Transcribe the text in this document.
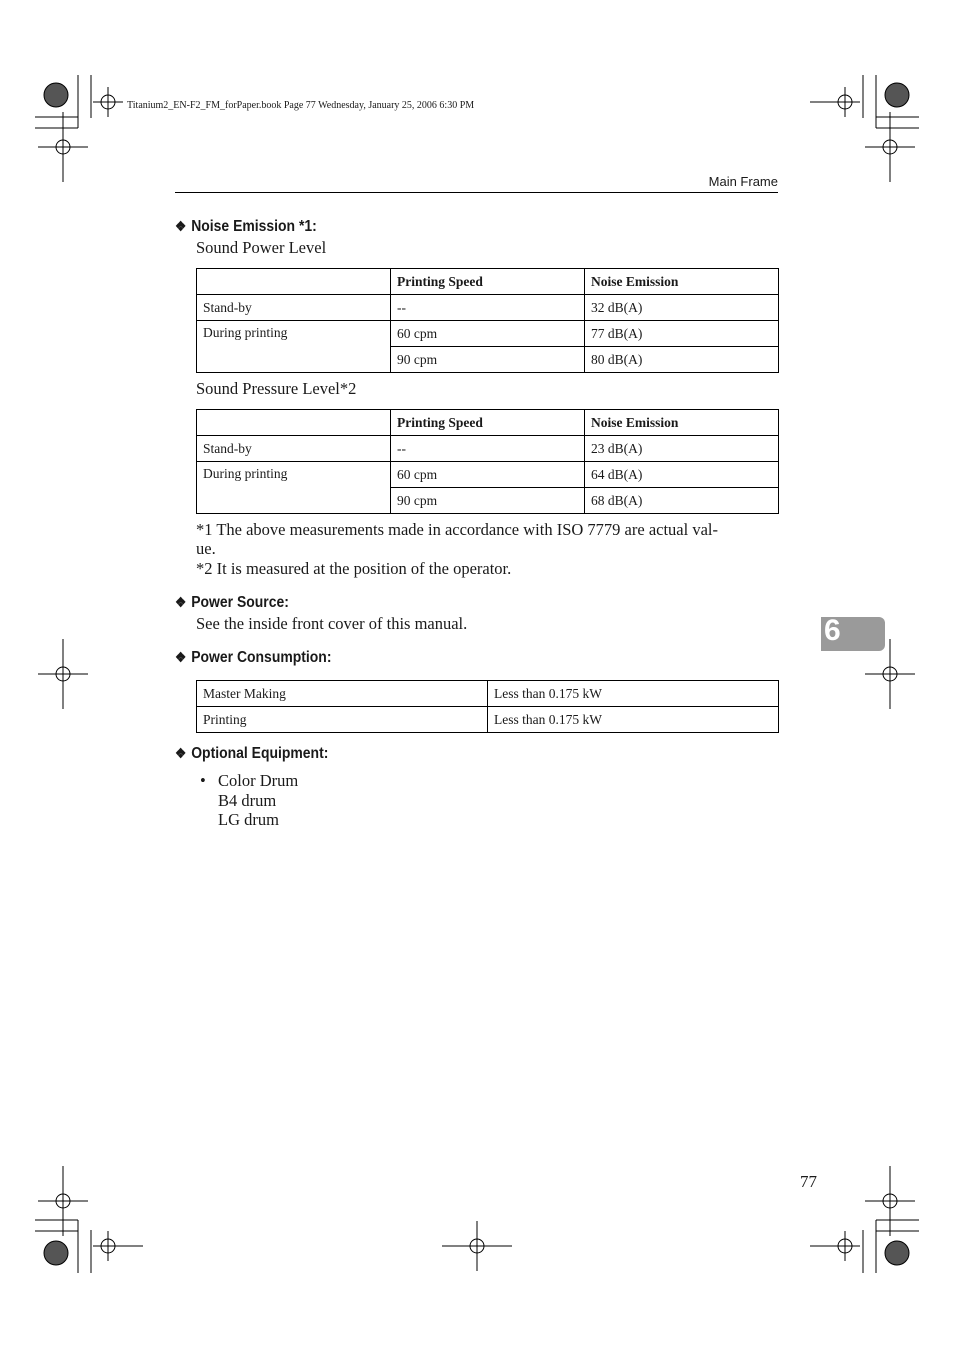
Titanium2_EN-F2_FM_forPaper.book Page 77 Wednesday, January 25, 2006 6:30 PM
Main Frame
❖ Noise Emission *1:
Sound Power Level
	Printing Speed	Noise Emission
Stand-by	--	32 dB(A)
During printing	60 cpm	77 dB(A)
	90 cpm	80 dB(A)
Sound Pressure Level*2
	Printing Speed	Noise Emission
Stand-by	--	23 dB(A)
During printing	60 cpm	64 dB(A)
	90 cpm	68 dB(A)
*1 The above measurements made in accordance with ISO 7779 are actual val-
ue.
*2 It is measured at the position of the operator.
❖ Power Source:
See the inside front cover of this manual.	6
❖ Power Consumption:
Master Making	Less than 0.175 kW
Printing	Less than 0.175 kW
❖ Optional Equipment:
• Color Drum
B4 drum
LG drum
77
